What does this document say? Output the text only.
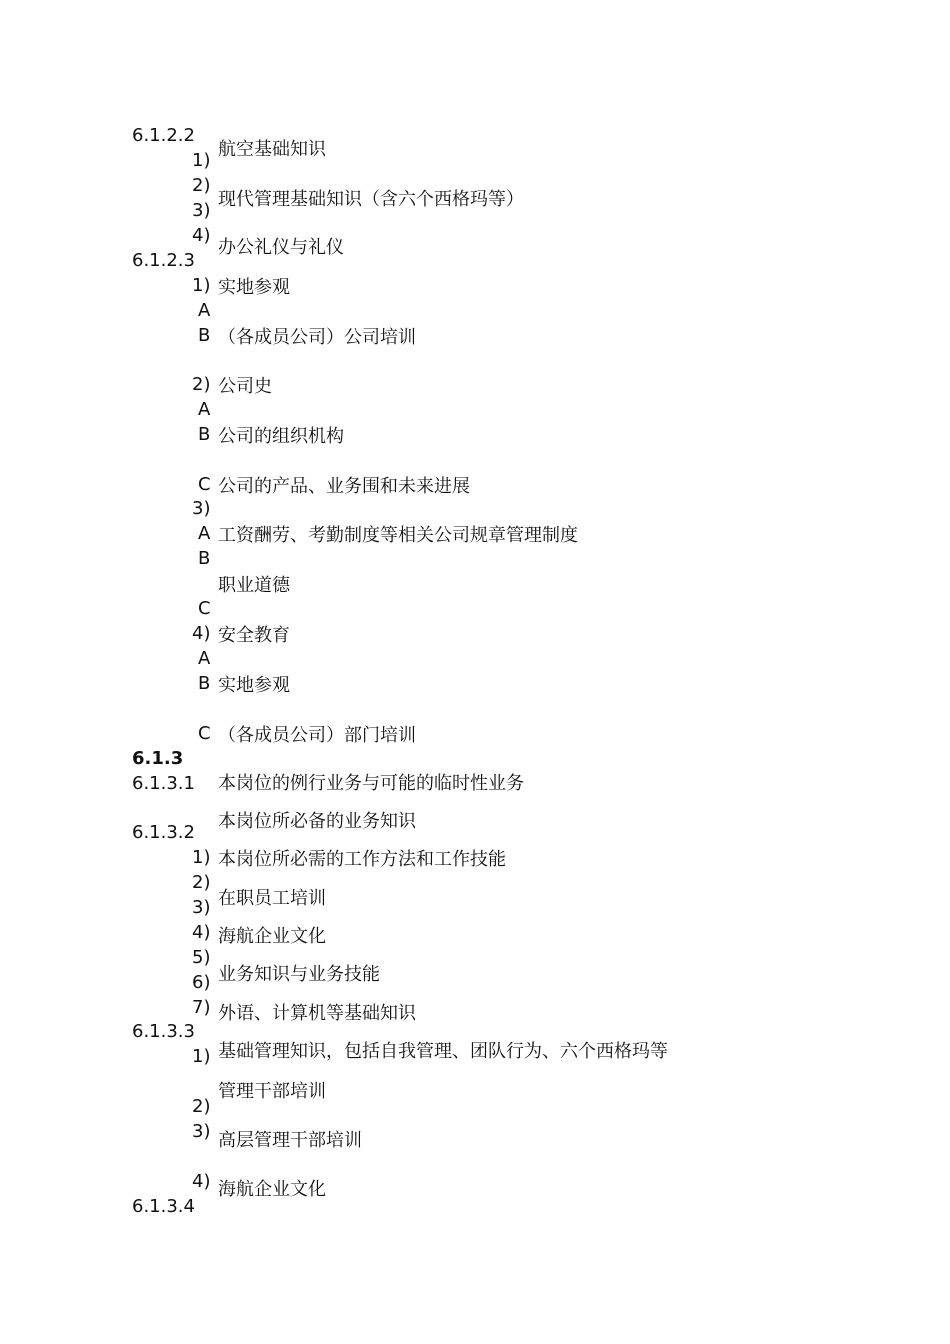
6.1.2.2
1)
2)
3)
4)
6.1.2.3
1)
A
B
2)
A
B
C
3)
A
B
C
4)
A
B
C
6.1.3
6.1.3.1
6.1.3.2
1)
2)
3)
4)
5)
6)
7)
6.1.3.3
1)
2)
3)
4)
6.1.3.4
航空基础知识
现代管理基础知识（含六个西格玛等）
办公礼仪与礼仪
实地参观
（各成员公司）公司培训
公司史
公司的组织机构
公司的产品、业务围和未来进展
工资酬劳、考勤制度等相关公司规章管理制度
职业道德
安全教育
实地参观
（各成员公司）部门培训
本岗位的例行业务与可能的临时性业务
本岗位所必备的业务知识
本岗位所必需的工作方法和工作技能
在职员工培训
海航企业文化
业务知识与业务技能
外语、计算机等基础知识
基础管理知识，包括自我管理、团队行为、六个西格玛等
管理干部培训
高层管理干部培训
海航企业文化
